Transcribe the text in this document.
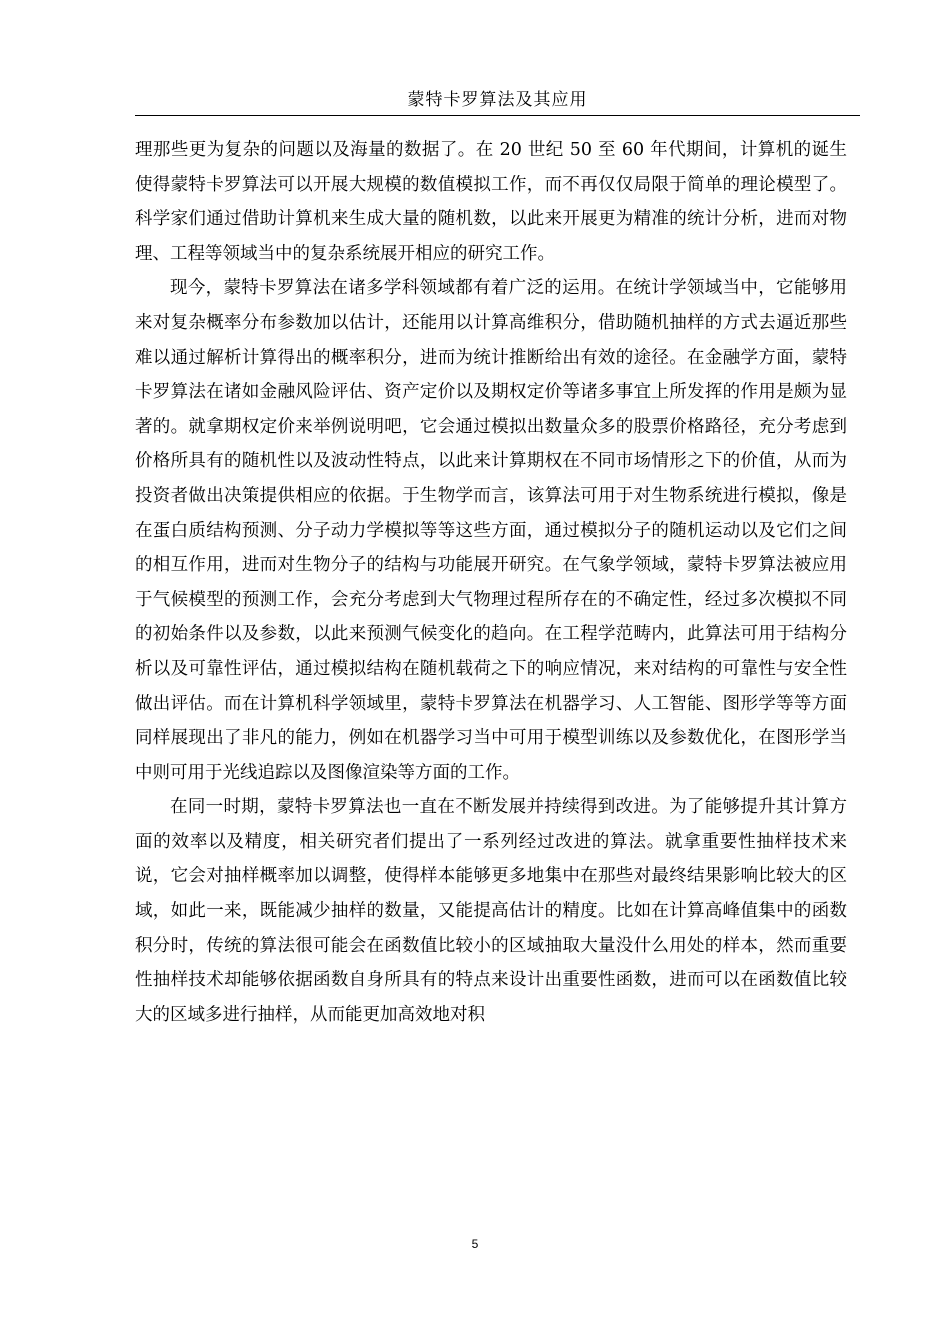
蒙特卡罗算法及其应用

理那些更为复杂的问题以及海量的数据了。在 20 世纪 50 至 60 年代期间，计算机的诞生使得蒙特卡罗算法可以开展大规模的数值模拟工作，而不再仅仅局限于简单的理论模型了。科学家们通过借助计算机来生成大量的随机数，以此来开展更为精准的统计分析，进而对物理、工程等领域当中的复杂系统展开相应的研究工作。

现今，蒙特卡罗算法在诸多学科领域都有着广泛的运用。在统计学领域当中，它能够用来对复杂概率分布参数加以估计，还能用以计算高维积分，借助随机抽样的方式去逼近那些难以通过解析计算得出的概率积分，进而为统计推断给出有效的途径。在金融学方面，蒙特卡罗算法在诸如金融风险评估、资产定价以及期权定价等诸多事宜上所发挥的作用是颇为显著的。就拿期权定价来举例说明吧，它会通过模拟出数量众多的股票价格路径，充分考虑到价格所具有的随机性以及波动性特点，以此来计算期权在不同市场情形之下的价值，从而为投资者做出决策提供相应的依据。于生物学而言，该算法可用于对生物系统进行模拟，像是在蛋白质结构预测、分子动力学模拟等等这些方面，通过模拟分子的随机运动以及它们之间的相互作用，进而对生物分子的结构与功能展开研究。在气象学领域，蒙特卡罗算法被应用于气候模型的预测工作，会充分考虑到大气物理过程所存在的不确定性，经过多次模拟不同的初始条件以及参数，以此来预测气候变化的趋向。在工程学范畴内，此算法可用于结构分析以及可靠性评估，通过模拟结构在随机载荷之下的响应情况，来对结构的可靠性与安全性做出评估。而在计算机科学领域里，蒙特卡罗算法在机器学习、人工智能、图形学等等方面同样展现出了非凡的能力，例如在机器学习当中可用于模型训练以及参数优化，在图形学当中则可用于光线追踪以及图像渲染等方面的工作。

在同一时期，蒙特卡罗算法也一直在不断发展并持续得到改进。为了能够提升其计算方面的效率以及精度，相关研究者们提出了一系列经过改进的算法。就拿重要性抽样技术来说，它会对抽样概率加以调整，使得样本能够更多地集中在那些对最终结果影响比较大的区域，如此一来，既能减少抽样的数量，又能提高估计的精度。比如在计算高峰值集中的函数积分时，传统的算法很可能会在函数值比较小的区域抽取大量没什么用处的样本，然而重要性抽样技术却能够依据函数自身所具有的特点来设计出重要性函数，进而可以在函数值比较大的区域多进行抽样，从而能更加高效地对积

5
